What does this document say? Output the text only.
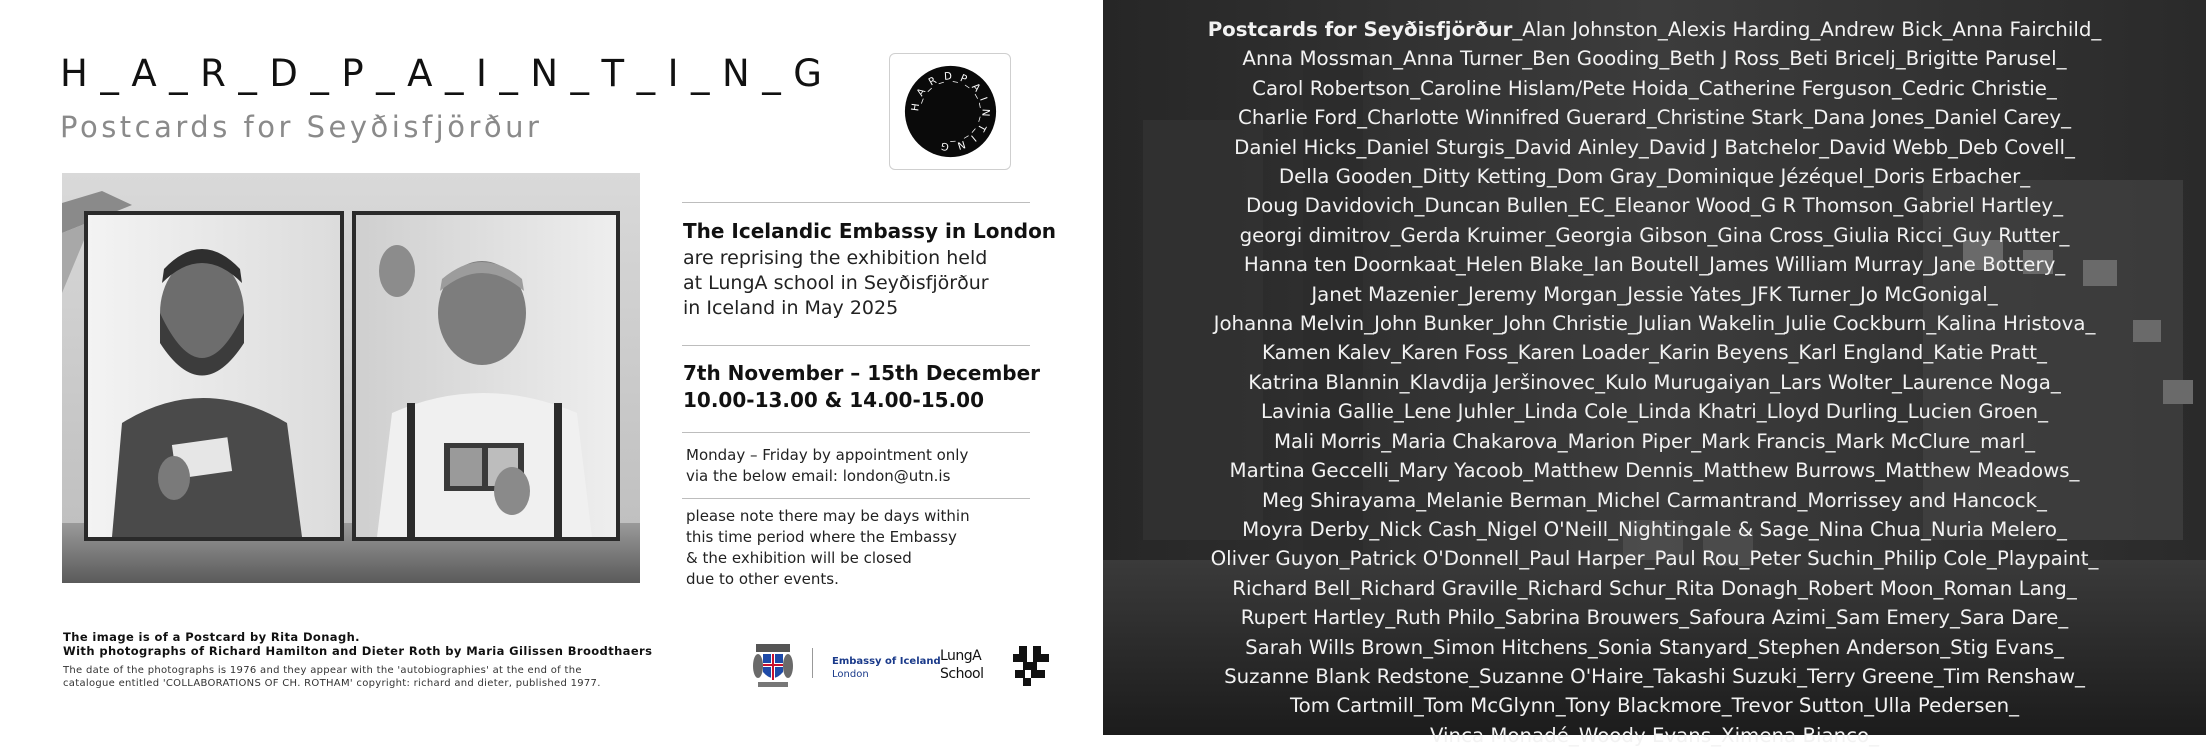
H_A_R_D_P_A_I_N_T_I_N_G
Postcards for Seyðisfjörður
H_A_R_D_P_A_I_N_T_I_N_G
The Icelandic Embassy in London
are reprising the exhibition held
at LungA school in Seyðisfjörður
in Iceland in May 2025
7th November – 15th December
10.00-13.00 & 14.00-15.00
Monday – Friday by appointment only
via the below email: london@utn.is
please note there may be days within
this time period where the Embassy
& the exhibition will be closed
due to other events.
The image is of a Postcard by Rita Donagh.
With photographs of Richard Hamilton and Dieter Roth by Maria Gilissen Broodthaers
The date of the photographs is 1976 and they appear with the 'autobiographies' at the end of the
catalogue entitled 'COLLABORATIONS OF CH. ROTHAM' copyright: richard and dieter, published 1977.
Embassy of Iceland
London
LungA
School
Postcards for Seyðisfjörður_Alan Johnston_Alexis Harding_Andrew Bick_Anna Fairchild_
Anna Mossman_Anna Turner_Ben Gooding_Beth J Ross_Beti Bricelj_Brigitte Parusel_
Carol Robertson_Caroline Hislam/Pete Hoida_Catherine Ferguson_Cedric Christie_
Charlie Ford_Charlotte Winnifred Guerard_Christine Stark_Dana Jones_Daniel Carey_
Daniel Hicks_Daniel Sturgis_David Ainley_David J Batchelor_David Webb_Deb Covell_
Della Gooden_Ditty Ketting_Dom Gray_Dominique Jézéquel_Doris Erbacher_
Doug Davidovich_Duncan Bullen_EC_Eleanor Wood_G R Thomson_Gabriel Hartley_
georgi dimitrov_Gerda Kruimer_Georgia Gibson_Gina Cross_Giulia Ricci_Guy Rutter_
Hanna ten Doornkaat_Helen Blake_Ian Boutell_James William Murray_Jane Bottery_
Janet Mazenier_Jeremy Morgan_Jessie Yates_JFK Turner_Jo McGonigal_
Johanna Melvin_John Bunker_John Christie_Julian Wakelin_Julie Cockburn_Kalina Hristova_
Kamen Kalev_Karen Foss_Karen Loader_Karin Beyens_Karl England_Katie Pratt_
Katrina Blannin_Klavdija Jeršinovec_Kulo Murugaiyan_Lars Wolter_Laurence Noga_
Lavinia Gallie_Lene Juhler_Linda Cole_Linda Khatri_Lloyd Durling_Lucien Groen_
Mali Morris_Maria Chakarova_Marion Piper_Mark Francis_Mark McClure_marl_
Martina Geccelli_Mary Yacoob_Matthew Dennis_Matthew Burrows_Matthew Meadows_
Meg Shirayama_Melanie Berman_Michel Carmantrand_Morrissey and Hancock_
Moyra Derby_Nick Cash_Nigel O'Neill_Nightingale & Sage_Nina Chua_Nuria Melero_
Oliver Guyon_Patrick O'Donnell_Paul Harper_Paul Rou_Peter Suchin_Philip Cole_Playpaint_
Richard Bell_Richard Graville_Richard Schur_Rita Donagh_Robert Moon_Roman Lang_
Rupert Hartley_Ruth Philo_Sabrina Brouwers_Safoura Azimi_Sam Emery_Sara Dare_
Sarah Wills Brown_Simon Hitchens_Sonia Stanyard_Stephen Anderson_Stig Evans_
Suzanne Blank Redstone_Suzanne O'Haire_Takashi Suzuki_Terry Greene_Tim Renshaw_
Tom Cartmill_Tom McGlynn_Tony Blackmore_Trevor Sutton_Ulla Pedersen_
Vinca Monadé_Woody Evans_Ximena Bianco_
